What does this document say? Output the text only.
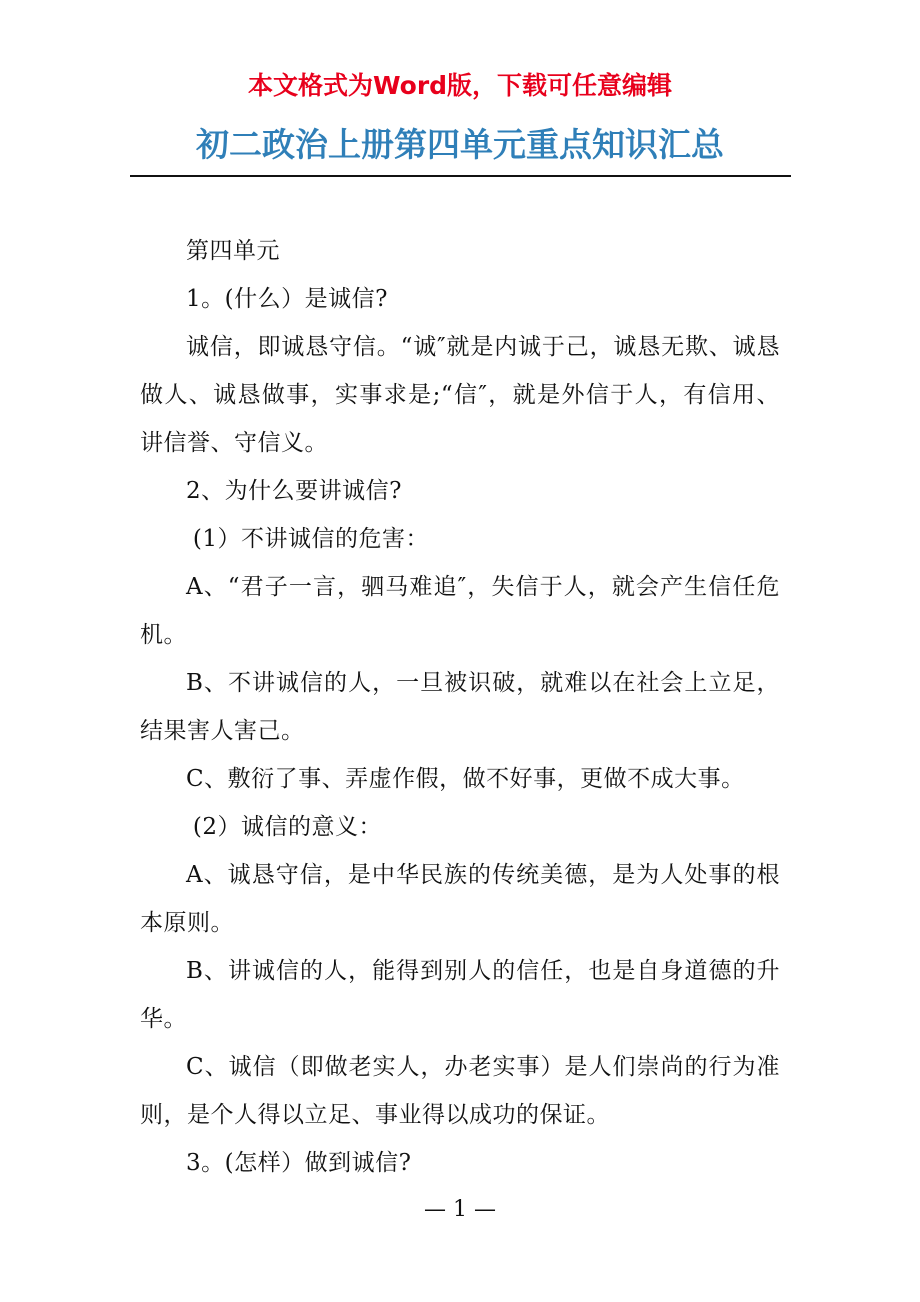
本文格式为Word版，下载可任意编辑
初二政治上册第四单元重点知识汇总

第四单元

1。(什么）是诚信?

诚信，即诚恳守信。“诚″就是内诚于己，诚恳无欺、诚恳做人、诚恳做事，实事求是;“信″，就是外信于人，有信用、讲信誉、守信义。

2、为什么要讲诚信?

(1）不讲诚信的危害：

A、“君子一言，驷马难追″，失信于人，就会产生信任危机。

B、不讲诚信的人，一旦被识破，就难以在社会上立足，结果害人害己。

C、敷衍了事、弄虚作假，做不好事，更做不成大事。

(2）诚信的意义：

A、诚恳守信，是中华民族的传统美德，是为人处事的根本原则。

B、讲诚信的人，能得到别人的信任，也是自身道德的升华。

C、诚信（即做老实人，办老实事）是人们崇尚的行为准则，是个人得以立足、事业得以成功的保证。

3。(怎样）做到诚信?

— 1 —
